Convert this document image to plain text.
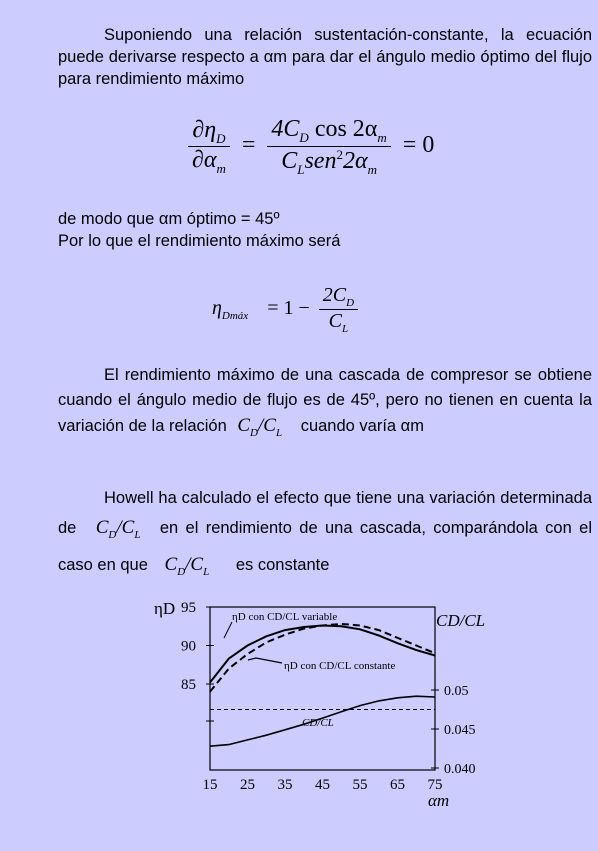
Suponiendo una relación sustentación-constante, la ecuación puede derivarse respecto a αm para dar el ángulo medio óptimo del flujo para rendimiento máximo
$\frac{\partial\eta_D}{\partial\alpha_m} = \frac{4C_D \cos 2\alpha_m}{C_Lsen^22\alpha_m} = 0$
de modo que αm óptimo = 45º
Por lo que el rendimiento máximo será
$\eta_{Dmáx} = 1 - \frac{2C_D}{C_L}$
El rendimiento máximo de una cascada de compresor se obtiene cuando el ángulo medio de flujo es de 45º, pero no tienen en cuenta la variación de la relación $C_D/C_L$ cuando varía αm
Howell ha calculado el efecto que tiene una variación determinada de $C_D/C_L$ en el rendimiento de una cascada, comparándola con el caso en que $C_D/C_L$ es constante
15 25 35 45 55 65 75
αm
95
90
85
ηD
0.05
0.045
0.040
CD/CL
ηD con CD/CL variable
ηD con CD/CL constante
CD/CL
